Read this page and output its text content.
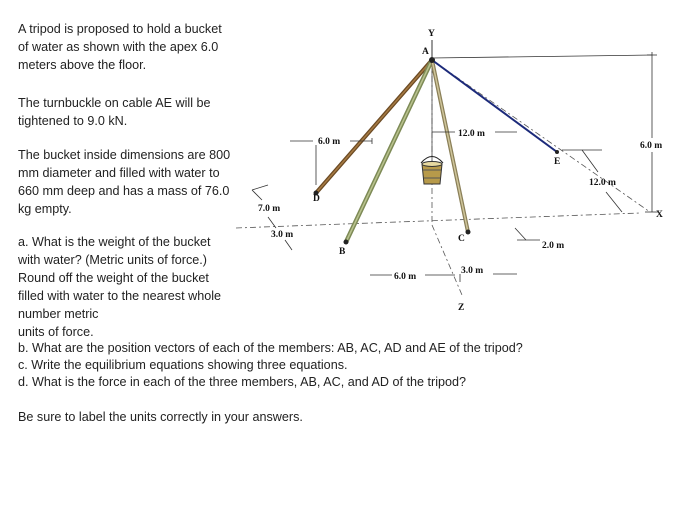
A tripod is proposed to hold a bucket of water as shown with the apex 6.0 meters above the floor.

The turnbuckle on cable AE will be tightened to 9.0 kN.

The bucket inside dimensions are 800 mm diameter and filled with water to 660 mm deep and has a mass of 76.0 kg empty.

a. What is the weight of the bucket with water? (Metric units of force.) Round off the weight of the bucket filled with water to the nearest whole number metric

units of force.

b. What are the position vectors of each of the members: AB, AC, AD and AE of the tripod?

c. Write the equilibrium equations showing three equations.

d. What is the force in each of the three members, AB, AC, and AD of the tripod?

Be sure to label the units correctly in your answers.

Y
A
D
B
C
E
X
Z
6.0 m
12.0 m
6.0 m
12.0 m
7.0 m
3.0 m
6.0 m
3.0 m
2.0 m
